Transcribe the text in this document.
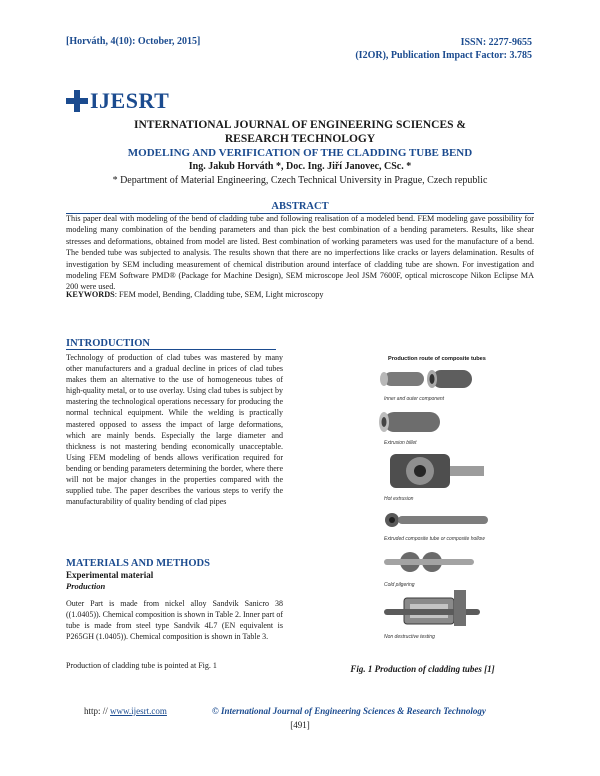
[Horváth, 4(10): October, 2015]	ISSN: 2277-9655
(I2OR), Publication Impact Factor: 3.785
IJESRT
INTERNATIONAL JOURNAL OF ENGINEERING SCIENCES & RESEARCH TECHNOLOGY
MODELING AND VERIFICATION OF THE CLADDING TUBE BEND
Ing. Jakub Horváth *, Doc. Ing. Jiří Janovec, CSc. *
* Department of Material Engineering, Czech Technical University in Prague, Czech republic
ABSTRACT
This paper deal with modeling of the bend of cladding tube and following realisation of a modeled bend. FEM modeling gave possibility for modeling many combination of the bending parameters and than pick the best combination of a bending parameters. Results, like shear stresses and deformations, obtained from model are listed. Best combination of working parameters was used for the manufacture of a bend. The bended tube was subjected to analysis. The results shown that there are no imperfections like cracks or layers delamination. Results of investigation by SEM including measurement of chemical distribution around interface of cladding tube are shown. For investigation and modeling FEM Software PMD® (Package for Machine Design), SEM microscope Jeol JSM 7600F, optical microscope Nikon Eclipse MA 200 were used.
KEYWORDS: FEM model, Bending, Cladding tube, SEM, Light microscopy
INTRODUCTION
Technology of production of clad tubes was mastered by many other manufacturers and a gradual decline in prices of clad tubes makes them an alternative to the use of homogeneous tubes of high-quality metal, or to use overlay. Using clad tubes is subject by mastering the technological operations necessary for producing the normal technical equipment. While the welding is practically mastered opposed to assess the impact of large deformations, which are mainly bends. Especially the large diameter and thickness is not mastering bending economically unacceptable. Using FEM modeling of bends allows verification required for bending or bending parameters determining the border, where there will not be major changes in the properties compared with the supplied tube. The paper describes the various steps to verify the manufacturability of quality bending of clad pipes
MATERIALS AND METHODS
Experimental material
Production
Outer Part is made from nickel alloy Sandvik Sanicro 38 ((1.0405)). Chemical composition is shown in Table 2. Inner part of tube is made from steel type Sandvik 4L7 (EN equivalent is P265GH (1.0405)). Chemical composition is shown in Table 3.
Production of cladding tube is pointed at Fig. 1
Production route of composite tubes
Inner and outer component
Extrusion billet
Hot extrusion
Extruded composite tube or composite hollow
Cold pilgering
Non destructive testing
Fig. 1 Production of cladding tubes [1]
http: // www.ijesrt.com	© International Journal of Engineering Sciences & Research Technology
[491]
